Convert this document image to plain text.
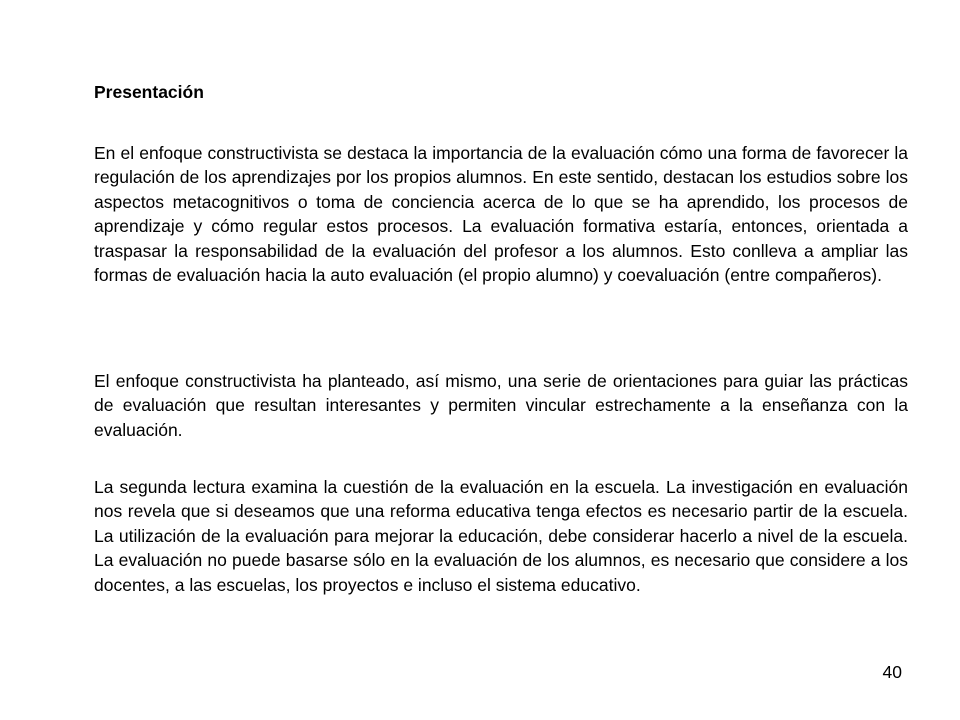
Presentación

En el enfoque constructivista se destaca la importancia de la evaluación cómo una forma de favorecer la regulación de los aprendizajes por los propios alumnos. En este sentido, destacan los estudios sobre los aspectos metacognitivos o toma de conciencia acerca de lo que se ha aprendido, los procesos de aprendizaje y cómo regular estos procesos. La evaluación formativa estaría, entonces, orientada a traspasar la responsabilidad de la evaluación del profesor a los alumnos. Esto conlleva a ampliar las formas de evaluación hacia la auto evaluación (el propio alumno) y coevaluación (entre compañeros).

El enfoque constructivista ha planteado, así mismo, una serie de orientaciones para guiar las prácticas de evaluación que resultan interesantes y permiten vincular estrechamente a la enseñanza con la evaluación.

La segunda lectura examina la cuestión de la evaluación en la escuela. La investigación en evaluación nos revela que si deseamos que una reforma educativa tenga efectos es necesario partir de la escuela. La utilización de la evaluación para mejorar la educación, debe considerar hacerlo a nivel de la escuela. La evaluación no puede basarse sólo en la evaluación de los alumnos, es necesario que considere a los docentes, a las escuelas, los proyectos e incluso el sistema educativo.

40
